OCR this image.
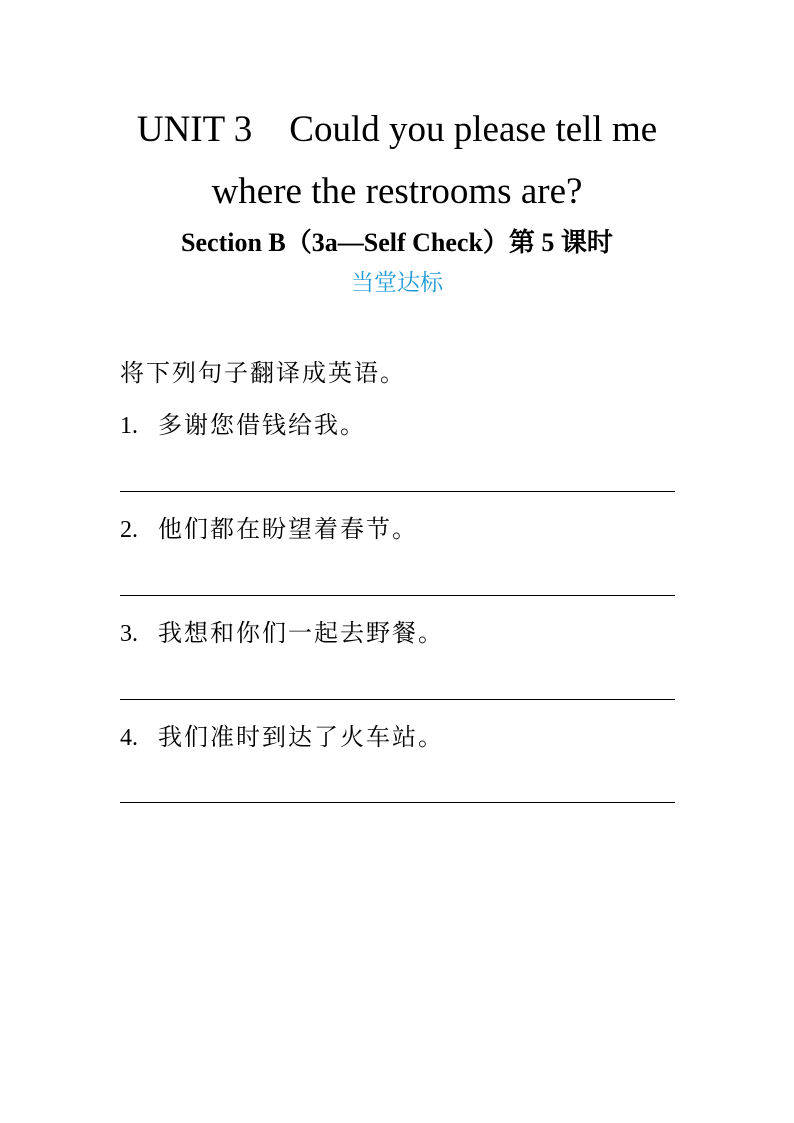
UNIT 3    Could you please tell me
where the restrooms are?
Section B（3a—Self Check）第 5 课时
当堂达标
将下列句子翻译成英语。
1. 多谢您借钱给我。
2. 他们都在盼望着春节。
3. 我想和你们一起去野餐。
4. 我们准时到达了火车站。
